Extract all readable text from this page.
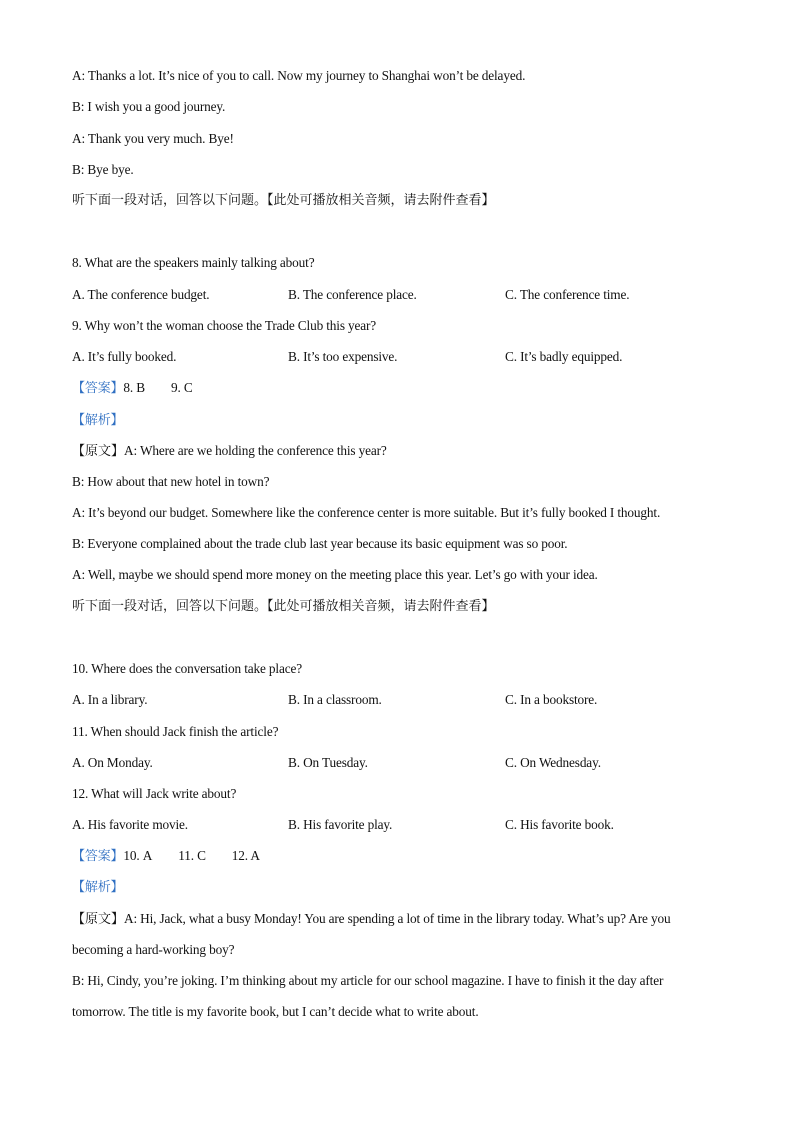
A: Thanks a lot. It’s nice of you to call. Now my journey to Shanghai won’t be delayed.
B: I wish you a good journey.
A: Thank you very much. Bye!
B: Bye bye.
听下面一段对话，回答以下问题。【此处可播放相关音频，请去附件查看】
8. What are the speakers mainly talking about?
A. The conference budget.	B. The conference place.	C. The conference time.
9. Why won’t the woman choose the Trade Club this year?
A. It’s fully booked.	B. It’s too expensive.	C. It’s badly equipped.
【答案】8. B 9. C
【解析】
【原文】A: Where are we holding the conference this year?
B: How about that new hotel in town?
A: It’s beyond our budget. Somewhere like the conference center is more suitable. But it’s fully booked I thought.
B: Everyone complained about the trade club last year because its basic equipment was so poor.
A: Well, maybe we should spend more money on the meeting place this year. Let’s go with your idea.
听下面一段对话，回答以下问题。【此处可播放相关音频，请去附件查看】
10. Where does the conversation take place?
A. In a library.	B. In a classroom.	C. In a bookstore.
11. When should Jack finish the article?
A. On Monday.	B. On Tuesday.	C. On Wednesday.
12. What will Jack write about?
A. His favorite movie.	B. His favorite play.	C. His favorite book.
【答案】10. A 11. C 12. A
【解析】
【原文】A: Hi, Jack, what a busy Monday! You are spending a lot of time in the library today. What’s up? Are you
becoming a hard-working boy?
B: Hi, Cindy, you’re joking. I’m thinking about my article for our school magazine. I have to finish it the day after
tomorrow. The title is my favorite book, but I can’t decide what to write about.
